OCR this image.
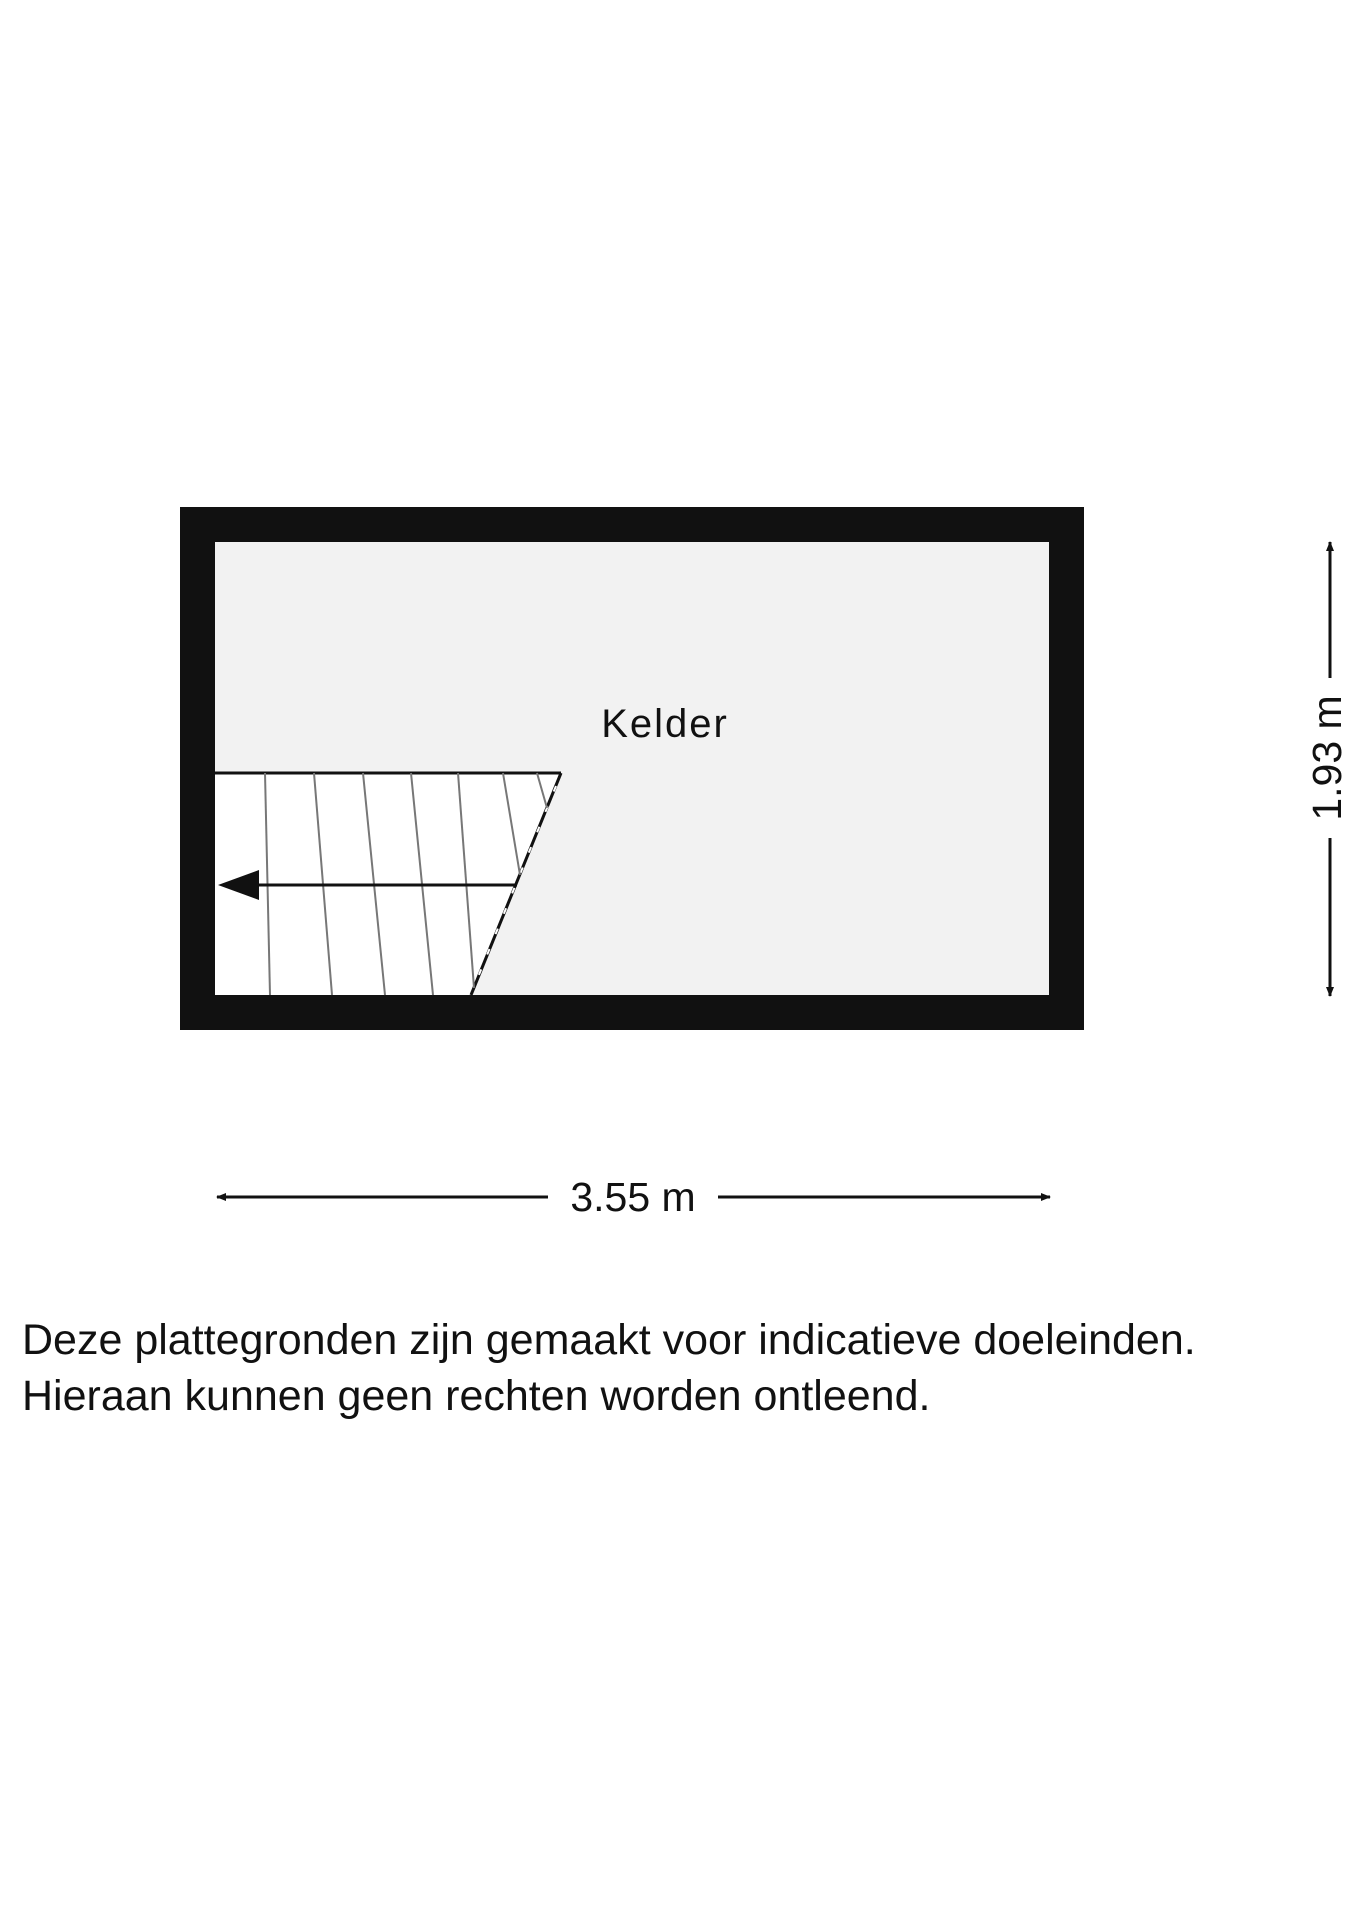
Kelder
3.55 m
1.93 m

Deze plattegronden zijn gemaakt voor indicatieve doeleinden.
Hieraan kunnen geen rechten worden ontleend.
